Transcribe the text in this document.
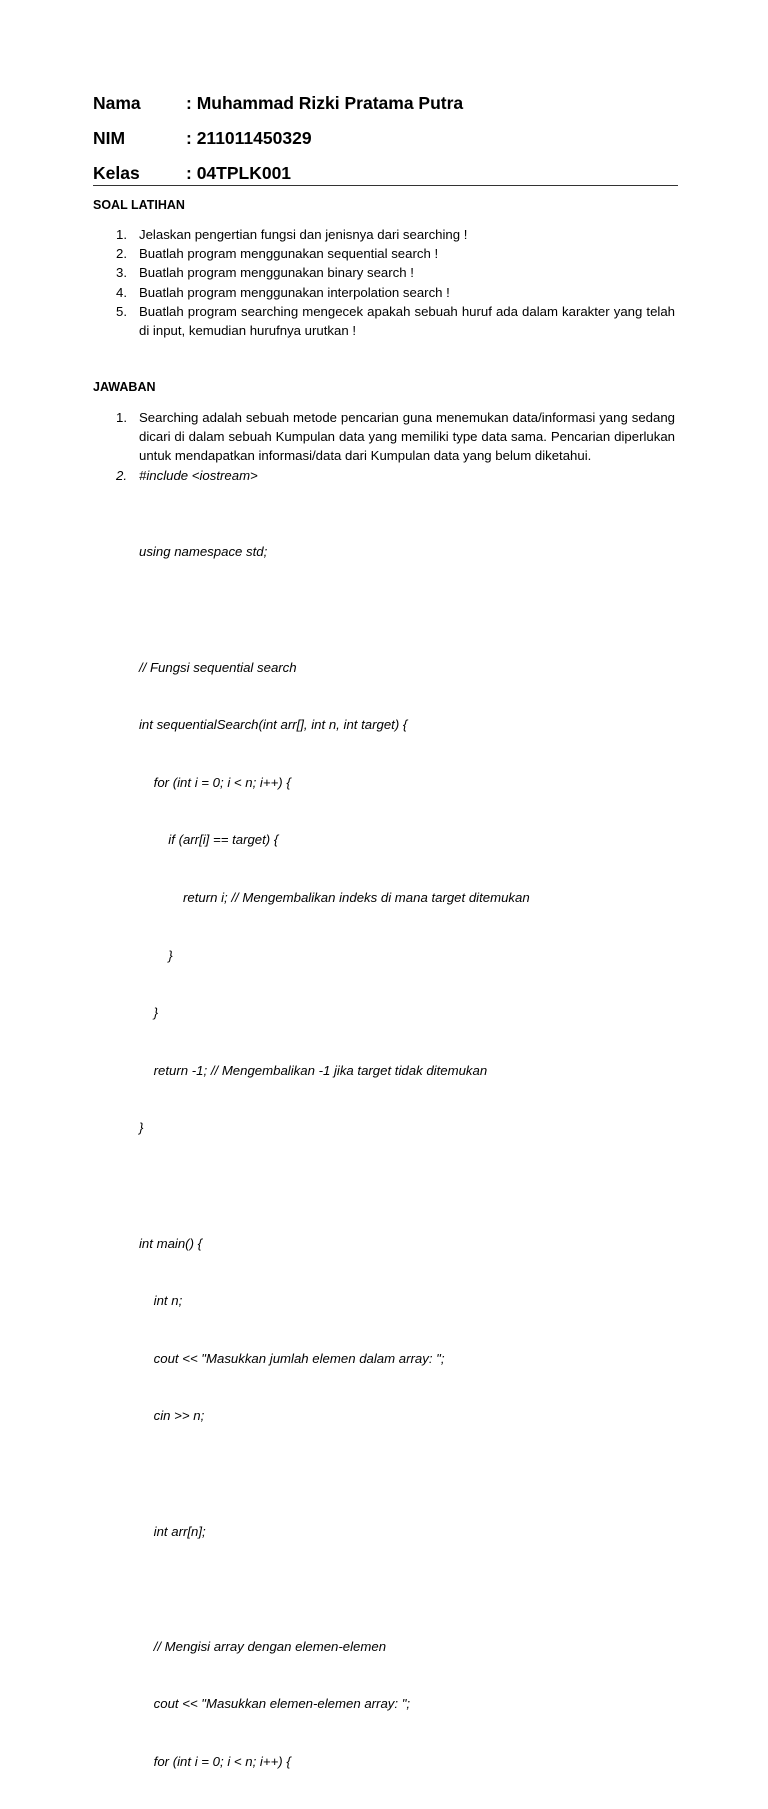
Nama	: Muhammad Rizki Pratama Putra
NIM	: 211011450329
Kelas	: 04TPLK001
SOAL LATIHAN
1. Jelaskan pengertian fungsi dan jenisnya dari searching !
2. Buatlah program menggunakan sequential search !
3. Buatlah program menggunakan binary search !
4. Buatlah program menggunakan interpolation search !
5. Buatlah program searching mengecek apakah sebuah huruf ada dalam karakter yang telah di input, kemudian hurufnya urutkan !
JAWABAN
1. Searching adalah sebuah metode pencarian guna menemukan data/informasi yang sedang dicari di dalam sebuah Kumpulan data yang memiliki type data sama. Pencarian diperlukan untuk mendapatkan informasi/data dari Kumpulan data yang belum diketahui.
2. #include <iostream>

using namespace std;

// Fungsi sequential search

int sequentialSearch(int arr[], int n, int target) {

for (int i = 0; i < n; i++) {

if (arr[i] == target) {

return i; // Mengembalikan indeks di mana target ditemukan

}

}

return -1; // Mengembalikan -1 jika target tidak ditemukan

}

int main() {

int n;

cout << "Masukkan jumlah elemen dalam array: ";

cin >> n;

int arr[n];

// Mengisi array dengan elemen-elemen

cout << "Masukkan elemen-elemen array: ";

for (int i = 0; i < n; i++) {
